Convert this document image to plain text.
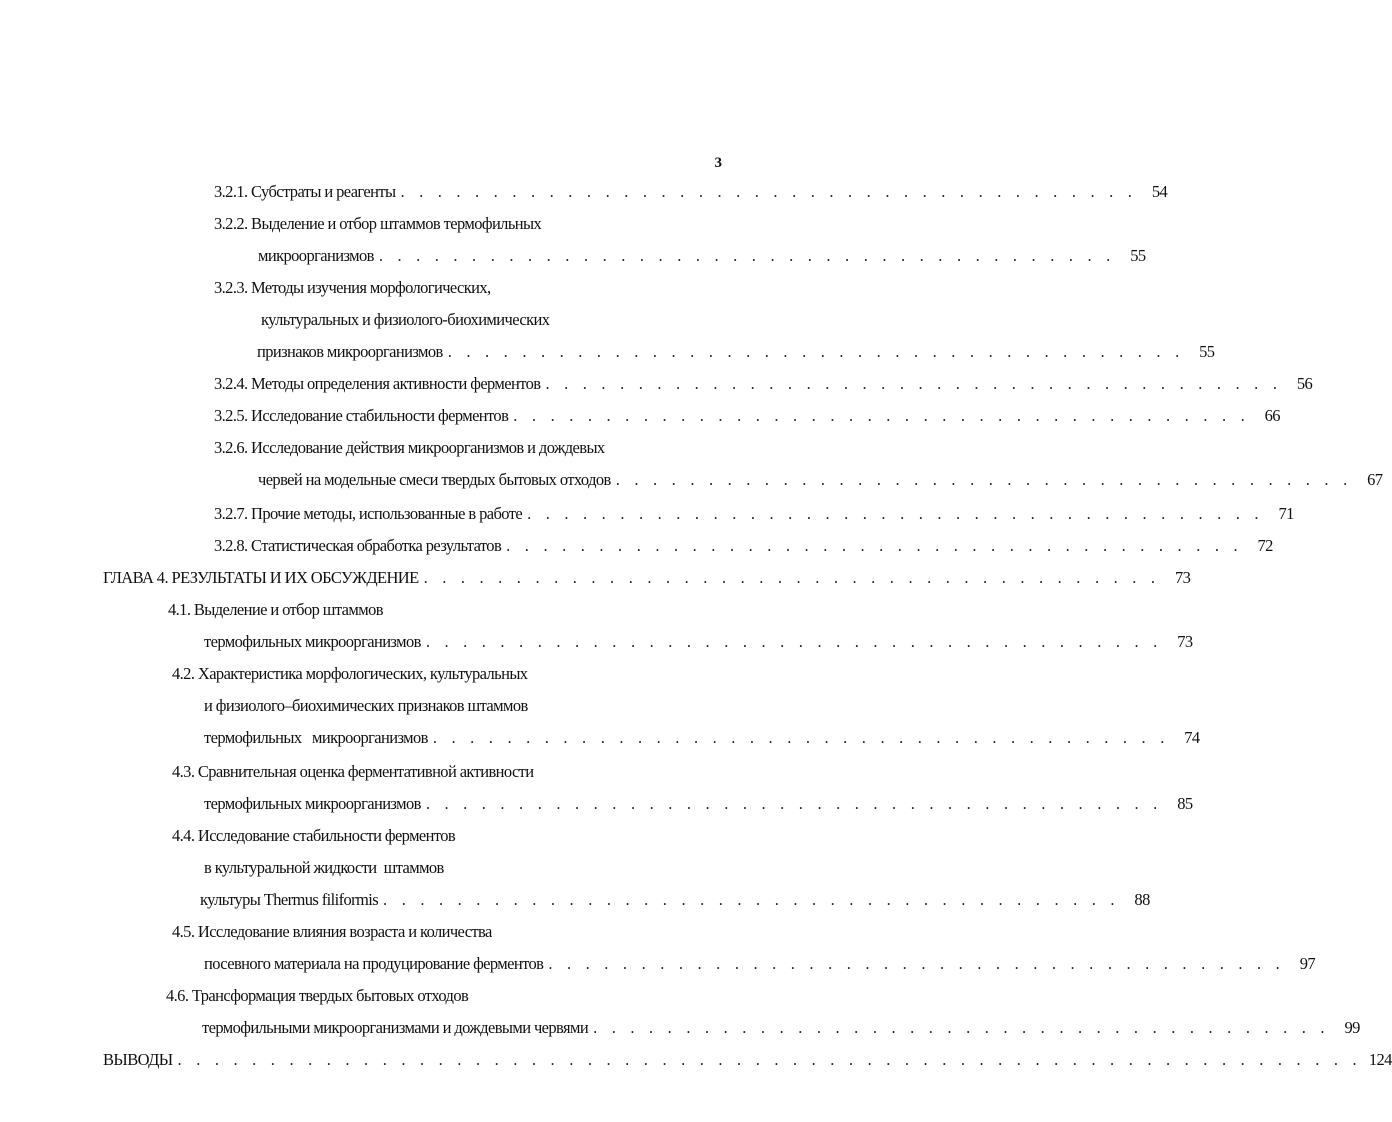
3
3.2.1. Субстраты и реагенты . . . . . . . . . . . . . . . . . . . . . . . . . . . . . . . . . . . . . . . . 54
3.2.2. Выделение и отбор штаммов термофильных
микроорганизмов . . . . . . . . . . . . . . . . . . . . . . . . . . . . . . . . . . . . . . . . 55
3.2.3. Методы изучения морфологических,
культуральных и физиолого-биохимических
признаков микроорганизмов . . . . . . . . . . . . . . . . . . . . . . . . . . . . . . . . . . . . . . . . 55
3.2.4. Методы определения активности ферментов . . . . . . . . . . . . . . . . . . . . . . . . . . . . . . . . . . . . . . . . 56
3.2.5. Исследование стабильности ферментов . . . . . . . . . . . . . . . . . . . . . . . . . . . . . . . . . . . . . . . . 66
3.2.6. Исследование действия микроорганизмов и дождевых
червей на модельные смеси твердых бытовых отходов . . . . . . . . . . . . . . . . . . . . . . . . . . . . . . . . . . . . . . . . 67
3.2.7. Прочие методы, использованные в работе . . . . . . . . . . . . . . . . . . . . . . . . . . . . . . . . . . . . . . . . 71
3.2.8. Статистическая обработка результатов . . . . . . . . . . . . . . . . . . . . . . . . . . . . . . . . . . . . . . . . 72
ГЛАВА 4. РЕЗУЛЬТАТЫ И ИХ ОБСУЖДЕНИЕ . . . . . . . . . . . . . . . . . . . . . . . . . . . . . . . . . . . . . . . . 73
4.1. Выделение и отбор штаммов
термофильных микроорганизмов . . . . . . . . . . . . . . . . . . . . . . . . . . . . . . . . . . . . . . . . 73
4.2. Характеристика морфологических, культуральных
и физиолого–биохимических признаков штаммов
термофильных   микроорганизмов . . . . . . . . . . . . . . . . . . . . . . . . . . . . . . . . . . . . . . . . 74
4.3. Сравнительная оценка ферментативной активности
термофильных микроорганизмов . . . . . . . . . . . . . . . . . . . . . . . . . . . . . . . . . . . . . . . . 85
4.4. Исследование стабильности ферментов
в культуральной жидкости  штаммов
культуры Thermus filiformis . . . . . . . . . . . . . . . . . . . . . . . . . . . . . . . . . . . . . . . . 88
4.5. Исследование влияния возраста и количества
посевного материала на продуцирование ферментов . . . . . . . . . . . . . . . . . . . . . . . . . . . . . . . . . . . . . . . . 97
4.6. Трансформация твердых бытовых отходов
термофильными микроорганизмами и дождевыми червями . . . . . . . . . . . . . . . . . . . . . . . . . . . . . . . . . . . . . . . . 99
ВЫВОДЫ . . . . . . . . . . . . . . . . . . . . . . . . . . . . . . . . . . . . . . . . . . . . . . . . . . . . . . . . . . . . . . . . 124
